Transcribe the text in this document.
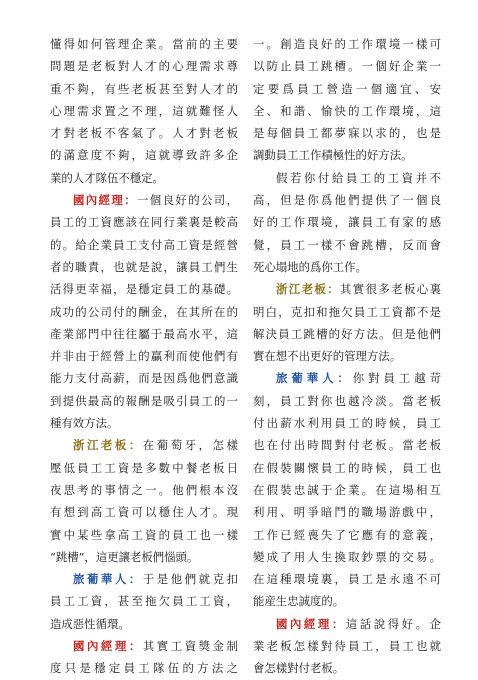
懂得如何管理企業。當前的主要
問題是老板對人才的心理需求尊
重不夠，有些老板甚至對人才的
心理需求置之不理，這就難怪人
才對老板不客氣了。人才對老板
的滿意度不夠，這就導致許多企
業的人才隊伍不穩定。
國內經理：一個良好的公司，
員工的工資應該在同行業裏是較高
的。給企業員工支付高工資是經營
者的職責，也就是說，讓員工們生
活得更幸福，是穩定員工的基礎。
成功的公司付的酬金，在其所在的
產業部門中往往屬于最高水平，這
并非由于經營上的贏利而使他們有
能力支付高薪，而是因爲他們意識
到提供最高的報酬是吸引員工的一
種有效方法。
浙江老板：在葡萄牙，怎樣
壓低員工工資是多數中餐老板日
夜思考的事情之一。他們根本沒
有想到高工資可以穩住人才。現
實中某些拿高工資的員工也一樣
“跳槽”，這更讓老板們惱頭。
旅葡華人：于是他們就克扣
員工工資，甚至拖欠員工工資，
造成惡性循環。
國內經理：其實工資獎金制
度只是穩定員工隊伍的方法之
一。創造良好的工作環境一樣可
以防止員工跳槽。一個好企業一
定要爲員工營造一個適宜、安
全、和諧、愉快的工作環境，這
是每個員工都夢寐以求的，也是
調動員工工作積極性的好方法。
假若你付給員工的工資并不
高，但是你爲他們提供了一個良
好的工作環境，讓員工有家的感
覺，員工一樣不會跳槽，反而會
死心塌地的爲你工作。
浙江老板：其實很多老板心裏
明白，克扣和拖欠員工工資都不是
解決員工跳槽的好方法。但是他們
實在想不出更好的管理方法。
旅葡華人：你對員工越苛
刻，員工對你也越冷淡。當老板
付出薪水利用員工的時候，員工
也在付出時間對付老板。當老板
在假裝關懷員工的時候，員工也
在假裝忠誠于企業。在這場相互
利用、明爭暗鬥的職場游戲中，
工作已經喪失了它應有的意義，
變成了用人生換取鈔票的交易。
在這種環境裏，員工是永遠不可
能産生忠誠度的。
國內經理：這話說得好。企
業老板怎樣對待員工，員工也就
會怎樣對付老板。
